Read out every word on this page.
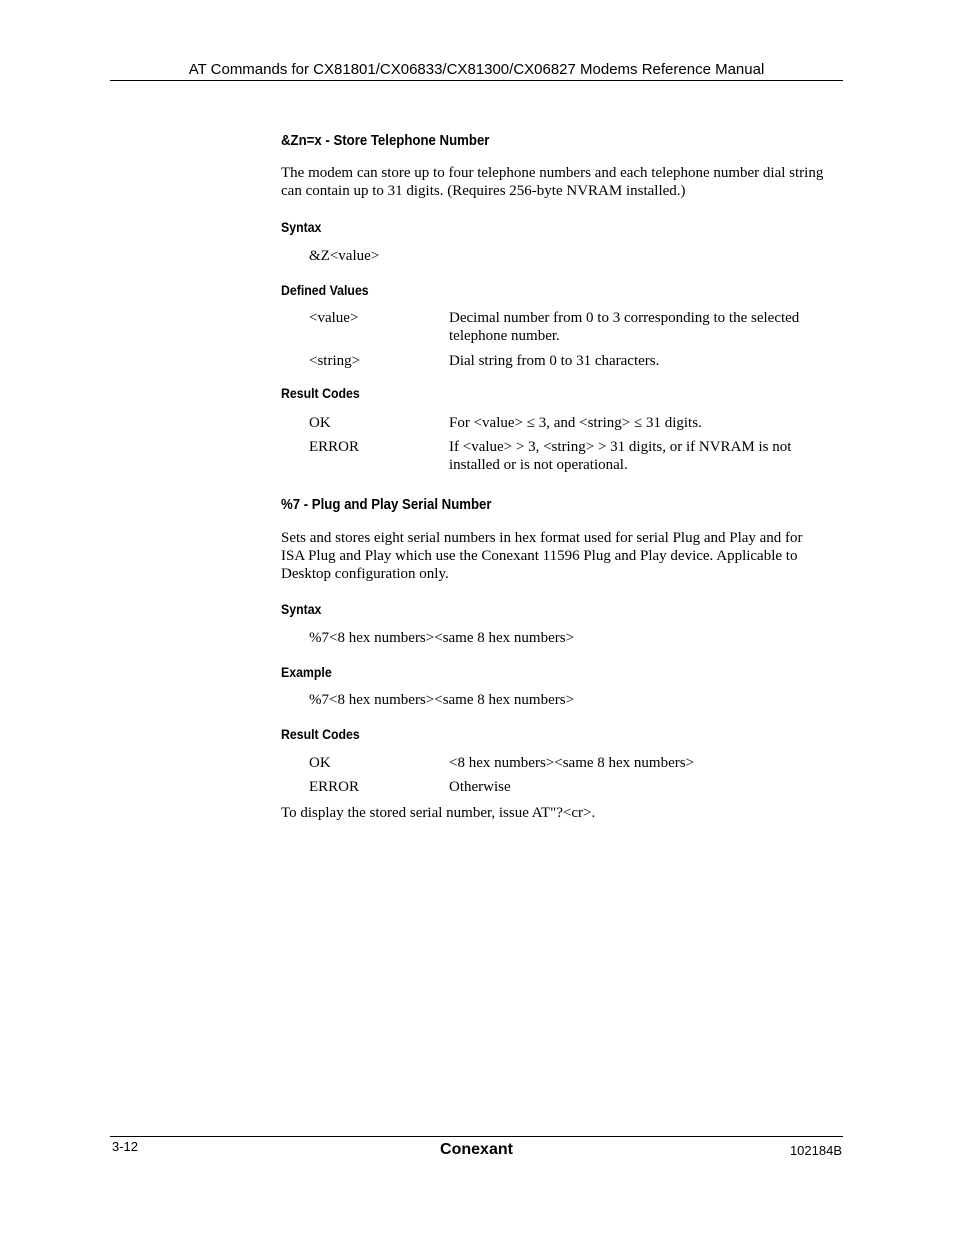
AT Commands for CX81801/CX06833/CX81300/CX06827 Modems Reference Manual
&Zn=x - Store Telephone Number

The modem can store up to four telephone numbers and each telephone number dial string can contain up to 31 digits. (Requires 256-byte NVRAM installed.)

Syntax
&Z<value>
Defined Values
<value>	Decimal number from 0 to 3 corresponding to the selected telephone number.
<string>	Dial string from 0 to 31 characters.
Result Codes
OK	For <value> ≤ 3, and <string> ≤ 31 digits.
ERROR	If <value> > 3, <string> > 31 digits, or if NVRAM is not installed or is not operational.
%7 - Plug and Play Serial Number

Sets and stores eight serial numbers in hex format used for serial Plug and Play and for ISA Plug and Play which use the Conexant 11596 Plug and Play device. Applicable to Desktop configuration only.

Syntax
%7<8 hex numbers><same 8 hex numbers>
Example
%7<8 hex numbers><same 8 hex numbers>
Result Codes
OK	<8 hex numbers><same 8 hex numbers>
ERROR	Otherwise

To display the stored serial number, issue AT"?<cr>.

3-12	Conexant	102184B
